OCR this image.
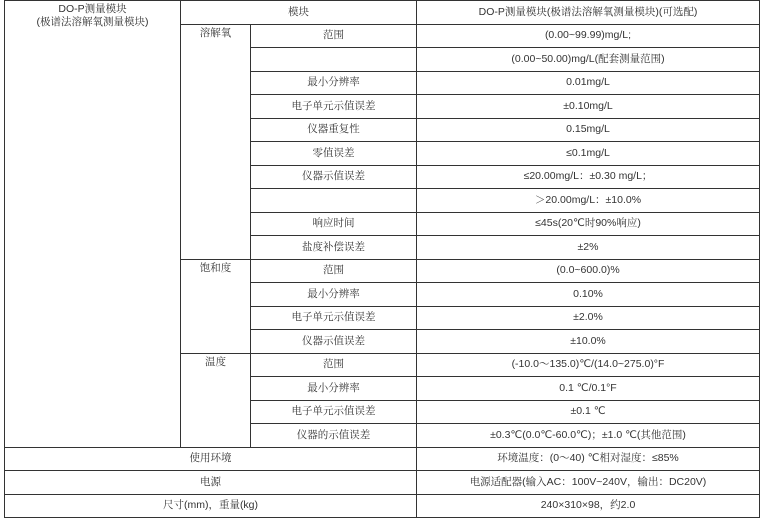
DO-P测量模块
(极谱法溶解氧测量模块)	模块		DO-P测量模块(极谱法溶解氧测量模块)(可选配)
	溶解氧	范围	(0.00~99.99)mg/L;
			(0.00~50.00)mg/L(配套测量范围)
		最小分辨率	0.01mg/L
		电子单元示值误差	±0.10mg/L
		仪器重复性	0.15mg/L
		零值误差	≤0.1mg/L
		仪器示值误差	≤20.00mg/L：±0.30 mg/L；
			＞20.00mg/L：±10.0%
		响应时间	≤45s(20℃时90%响应)
		盐度补偿误差	±2%
	饱和度	范围	(0.0~600.0)%
		最小分辨率	0.10%
		电子单元示值误差	±2.0%
		仪器示值误差	±10.0%
	温度	范围	(-10.0～135.0)℃/(14.0~275.0)°F
		最小分辨率	0.1 ℃/0.1°F
		电子单元示值误差	±0.1 ℃
		仪器的示值误差	±0.3℃(0.0℃-60.0℃)；±1.0 ℃(其他范围)
使用环境			环境温度：(0～40) ℃相对湿度：≤85%
电源			电源适配器(输入AC：100V~240V，输出：DC20V)
尺寸(mm)，重量(kg)			240×310×98，约2.0
